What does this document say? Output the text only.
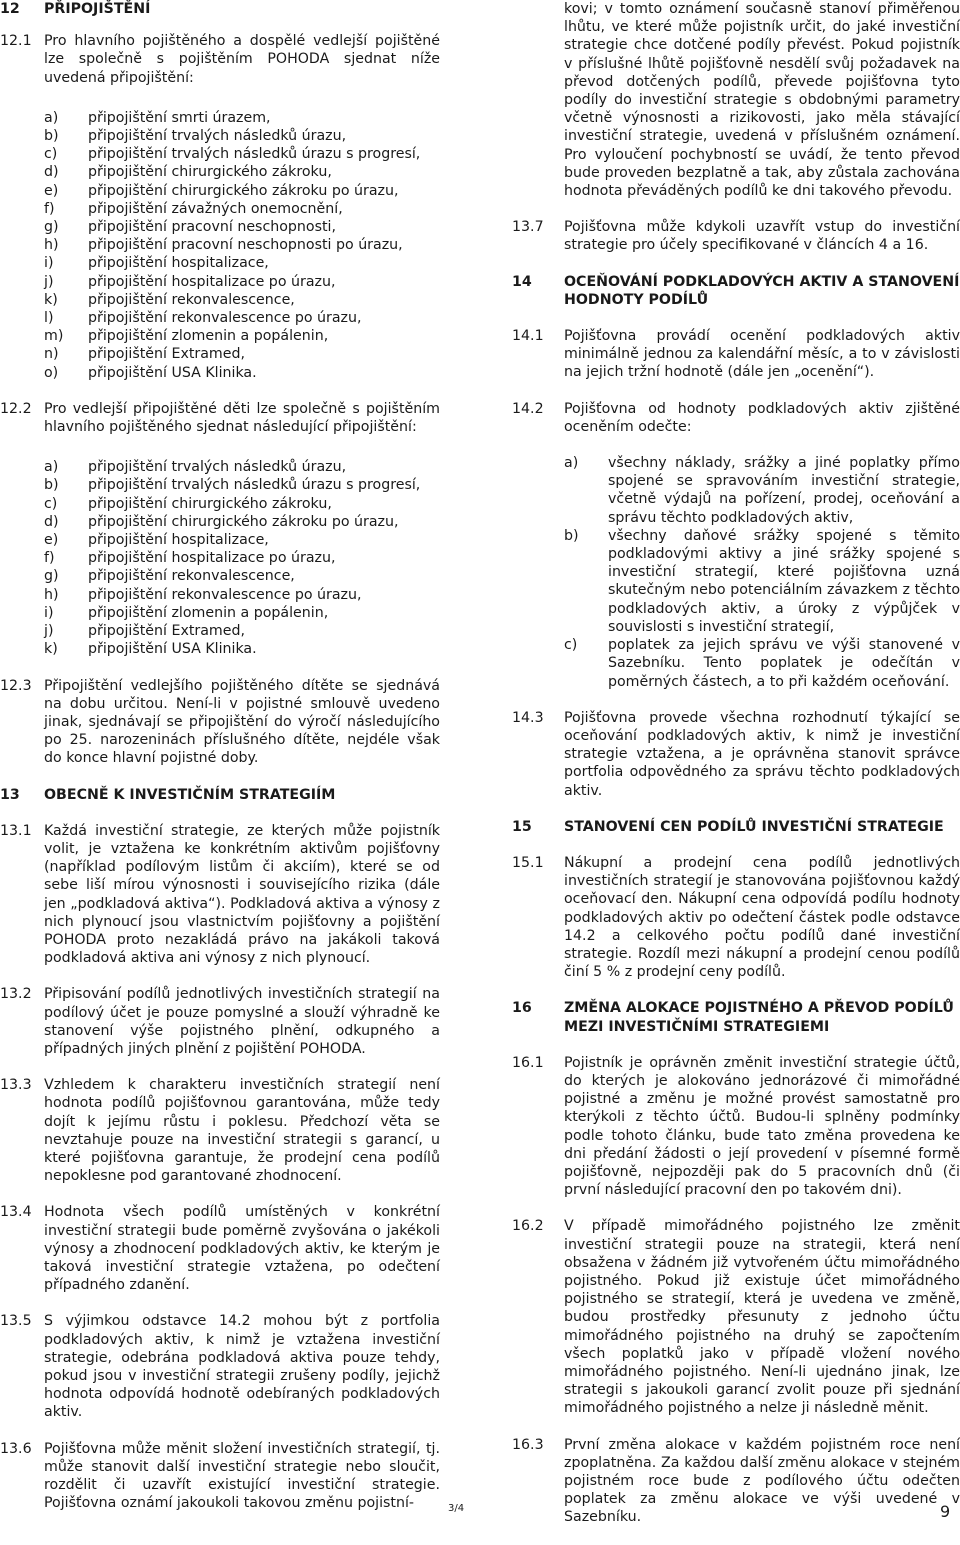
12 PŘIPOJIŠTĚNÍ
12.1 Pro hlavního pojištěného a dospělé vedlejší pojištěné lze společně s pojištěním POHODA sjednat níže uvedená připojištění:
a) připojištění smrti úrazem,
b) připojištění trvalých následků úrazu,
c) připojištění trvalých následků úrazu s progresí,
d) připojištění chirurgického zákroku,
e) připojištění chirurgického zákroku po úrazu,
f) připojištění závažných onemocnění,
g) připojištění pracovní neschopnosti,
h) připojištění pracovní neschopnosti po úrazu,
i) připojištění hospitalizace,
j) připojištění hospitalizace po úrazu,
k) připojištění rekonvalescence,
l) připojištění rekonvalescence po úrazu,
m) připojištění zlomenin a popálenin,
n) připojištění Extramed,
o) připojištění USA Klinika.
12.2 Pro vedlejší připojištěné děti lze společně s pojištěním hlavního pojištěného sjednat následující připojištění:
a) připojištění trvalých následků úrazu,
b) připojištění trvalých následků úrazu s progresí,
c) připojištění chirurgického zákroku,
d) připojištění chirurgického zákroku po úrazu,
e) připojištění hospitalizace,
f) připojištění hospitalizace po úrazu,
g) připojištění rekonvalescence,
h) připojištění rekonvalescence po úrazu,
i) připojištění zlomenin a popálenin,
j) připojištění Extramed,
k) připojištění USA Klinika.
12.3 Připojištění vedlejšího pojištěného dítěte se sjednává na dobu určitou. Není-li v pojistné smlouvě uvedeno jinak, sjednávají se připojištění do výročí následujícího po 25. narozeninách příslušného dítěte, nejdéle však do konce hlavní pojistné doby.
13 OBECNĚ K INVESTIČNÍM STRATEGIÍM
13.1 Každá investiční strategie, ze kterých může pojistník volit, je vztažena ke konkrétním aktivům pojišťovny (například podílovým listům či akciím), které se od sebe liší mírou výnosnosti i souvisejícího rizika (dále jen „podkladová aktiva“). Podkladová aktiva a výnosy z nich plynoucí jsou vlastnictvím pojišťovny a pojištění POHODA proto nezakládá právo na jakákoli taková podkladová aktiva ani výnosy z nich plynoucí.
13.2 Připisování podílů jednotlivých investičních strategií na podílový účet je pouze pomyslné a slouží výhradně ke stanovení výše pojistného plnění, odkupného a případných jiných plnění z pojištění POHODA.
13.3 Vzhledem k charakteru investičních strategií není hodnota podílů pojišťovnou garantována, může tedy dojít k jejímu růstu i poklesu. Předchozí věta se nevztahuje pouze na investiční strategii s garancí, u které pojišťovna garantuje, že prodejní cena podílů nepoklesne pod garantované zhodnocení.
13.4 Hodnota všech podílů umístěných v konkrétní investiční strategii bude poměrně zvyšována o jakékoli výnosy a zhodnocení podkladových aktiv, ke kterým je taková investiční strategie vztažena, po odečtení případného zdanění.
13.5 S výjimkou odstavce 14.2 mohou být z portfolia podkladových aktiv, k nimž je vztažena investiční strategie, odebrána podkladová aktiva pouze tehdy, pokud jsou v investiční strategii zrušeny podíly, jejichž hodnota odpovídá hodnotě odebíraných podkladových aktiv.
13.6 Pojišťovna může měnit složení investičních strategií, tj. může stanovit další investiční strategie nebo sloučit, rozdělit či uzavřít existující investiční strategie. Pojišťovna oznámí jakoukoli takovou změnu pojistní-
kovi; v tomto oznámení současně stanoví přiměřenou lhůtu, ve které může pojistník určit, do jaké investiční strategie chce dotčené podíly převést. Pokud pojistník v příslušné lhůtě pojišťovně nesdělí svůj požadavek na převod dotčených podílů, převede pojišťovna tyto podíly do investiční strategie s obdobnými parametry včetně výnosnosti a rizikovosti, jako měla stávající investiční strategie, uvedená v příslušném oznámení. Pro vyloučení pochybností se uvádí, že tento převod bude proveden bezplatně a tak, aby zůstala zachována hodnota převáděných podílů ke dni takového převodu.
13.7 Pojišťovna může kdykoli uzavřít vstup do investiční strategie pro účely specifikované v článcích 4 a 16.
14 OCEŇOVÁNÍ PODKLADOVÝCH AKTIV A STANOVENÍ HODNOTY PODÍLŮ
14.1 Pojišťovna provádí ocenění podkladových aktiv minimálně jednou za kalendářní měsíc, a to v závislosti na jejich tržní hodnotě (dále jen „ocenění“).
14.2 Pojišťovna od hodnoty podkladových aktiv zjištěné oceněním odečte:
a) všechny náklady, srážky a jiné poplatky přímo spojené se spravováním investiční strategie, včetně výdajů na pořízení, prodej, oceňování a správu těchto podkladových aktiv,
b) všechny daňové srážky spojené s těmito podkladovými aktivy a jiné srážky spojené s investiční strategií, které pojišťovna uzná skutečným nebo potenciálním závazkem z těchto podkladových aktiv, a úroky z výpůjček v souvislosti s investiční strategií,
c) poplatek za jejich správu ve výši stanovené v Sazebníku. Tento poplatek je odečítán v poměrných částech, a to při každém oceňování.
14.3 Pojišťovna provede všechna rozhodnutí týkající se oceňování podkladových aktiv, k nimž je investiční strategie vztažena, a je oprávněna stanovit správce portfolia odpovědného za správu těchto podkladových aktiv.
15 STANOVENÍ CEN PODÍLŮ INVESTIČNÍ STRATEGIE
15.1 Nákupní a prodejní cena podílů jednotlivých investičních strategií je stanovována pojišťovnou každý oceňovací den. Nákupní cena odpovídá podílu hodnoty podkladových aktiv po odečtení částek podle odstavce 14.2 a celkového počtu podílů dané investiční strategie. Rozdíl mezi nákupní a prodejní cenou podílů činí 5 % z prodejní ceny podílů.
16 ZMĚNA ALOKACE POJISTNÉHO A PŘEVOD PODÍLŮ MEZI INVESTIČNÍMI STRATEGIEMI
16.1 Pojistník je oprávněn změnit investiční strategie účtů, do kterých je alokováno jednorázové či mimořádné pojistné a změnu je možné provést samostatně pro kterýkoli z těchto účtů. Budou-li splněny podmínky podle tohoto článku, bude tato změna provedena ke dni předání žádosti o její provedení v písemné formě pojišťovně, nejpozději pak do 5 pracovních dnů (či první následující pracovní den po takovém dni).
16.2 V případě mimořádného pojistného lze změnit investiční strategii pouze na strategii, která není obsažena v žádném již vytvořeném účtu mimořádného pojistného. Pokud již existuje účet mimořádného pojistného se strategií, která je uvedena ve změně, budou prostředky přesunuty z jednoho účtu mimořádného pojistného na druhý se započtením všech poplatků jako v případě vložení nového mimořádného pojistného. Není-li ujednáno jinak, lze strategii s jakoukoli garancí zvolit pouze při sjednání mimořádného pojistného a nelze ji následně měnit.
16.3 První změna alokace v každém pojistném roce není zpoplatněna. Za každou další změnu alokace v stejném pojistném roce bude z podílového účtu odečten poplatek za změnu alokace ve výši uvedené v Sazebníku.
3/4	9
